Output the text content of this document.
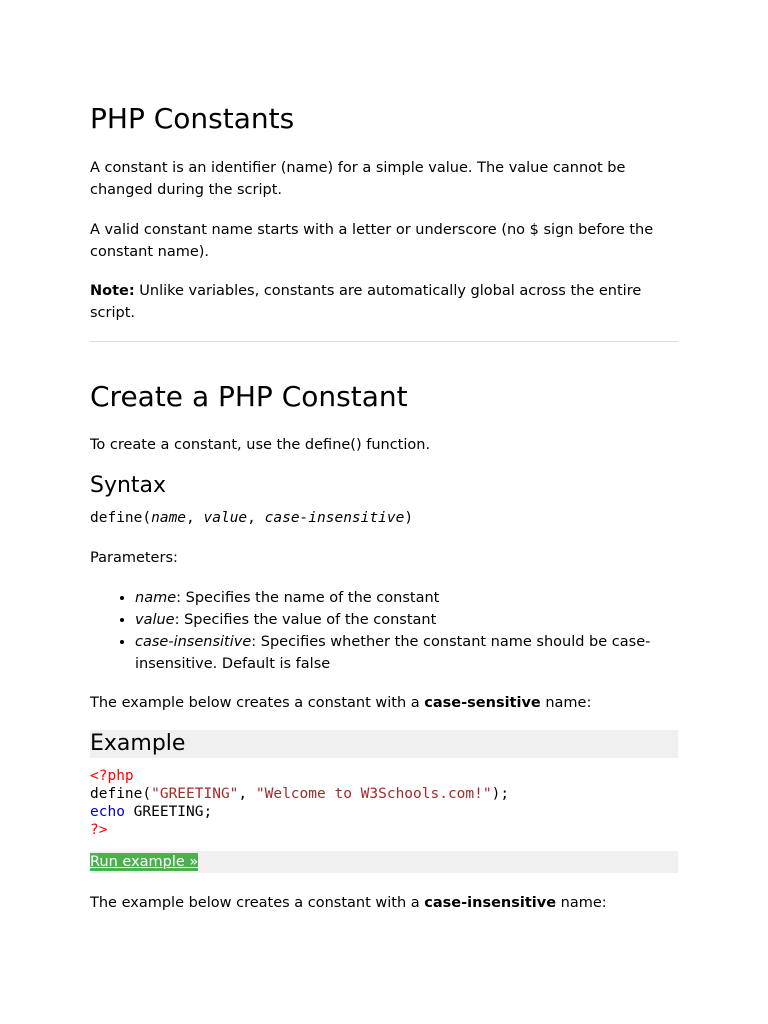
PHP Constants

A constant is an identifier (name) for a simple value. The value cannot be changed during the script.

A valid constant name starts with a letter or underscore (no $ sign before the constant name).

Note: Unlike variables, constants are automatically global across the entire script.

Create a PHP Constant

To create a constant, use the define() function.

Syntax
define(name, value, case-insensitive)

Parameters:

• name: Specifies the name of the constant
• value: Specifies the value of the constant
• case-insensitive: Specifies whether the constant name should be case-insensitive. Default is false

The example below creates a constant with a case-sensitive name:

Example
<?php
define("GREETING", "Welcome to W3Schools.com!");
echo GREETING;
?>
Run example »

The example below creates a constant with a case-insensitive name:
